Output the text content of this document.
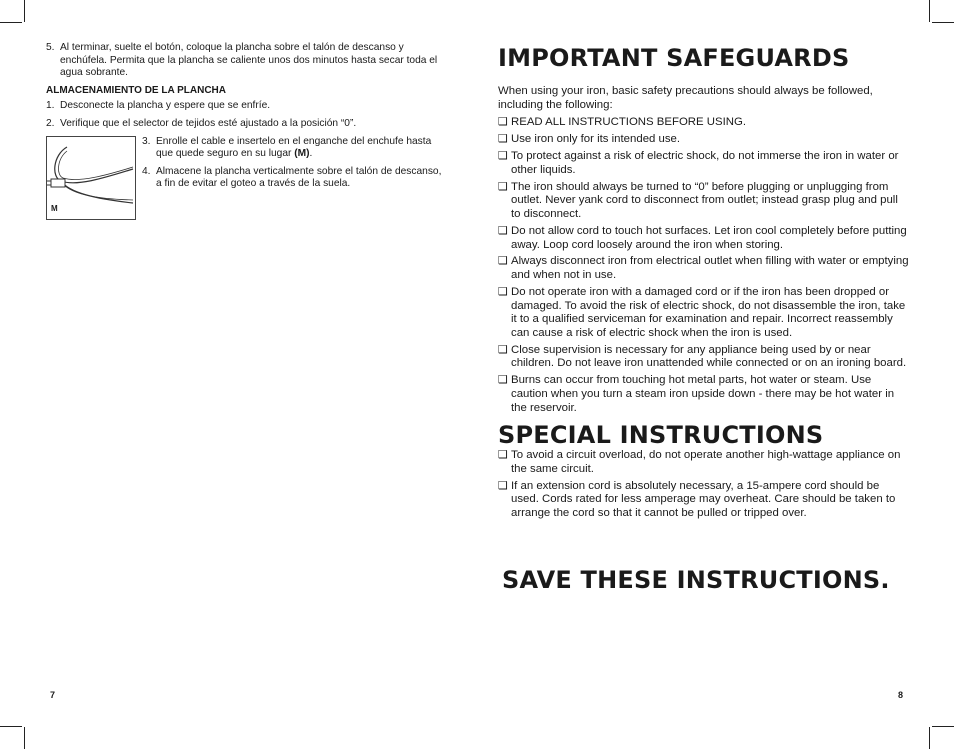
5. Al terminar, suelte el botón, coloque la plancha sobre el talón de descanso y enchúfela. Permita que la plancha se caliente unos dos minutos hasta secar toda el agua sobrante.
ALMACENAMIENTO DE LA PLANCHA
1. Desconecte la plancha y espere que se enfríe.
2. Verifique que el selector de tejidos esté ajustado a la posición “0”.
M
3. Enrolle el cable e insertelo en el enganche del enchufe hasta que quede seguro en su lugar (M).
4. Almacene la plancha verticalmente sobre el talón de descanso, a fin de evitar el goteo a través de la suela.
7
IMPORTANT SAFEGUARDS
When using your iron, basic safety precautions should always be followed, including the following:
❑ READ ALL INSTRUCTIONS BEFORE USING.
❑ Use iron only for its intended use.
❑ To protect against a risk of electric shock, do not immerse the iron in water or other liquids.
❑ The iron should always be turned to “0” before plugging or unplugging from outlet. Never yank cord to disconnect from outlet; instead grasp plug and pull to disconnect.
❑ Do not allow cord to touch hot surfaces. Let iron cool completely before putting away. Loop cord loosely around the iron when storing.
❑ Always disconnect iron from electrical outlet when filling with water or emptying and when not in use.
❑ Do not operate iron with a damaged cord or if the iron has been dropped or damaged. To avoid the risk of electric shock, do not disassemble the iron, take it to a qualified serviceman for examination and repair. Incorrect reassembly can cause a risk of electric shock when the iron is used.
❑ Close supervision is necessary for any appliance being used by or near children. Do not leave iron unattended while connected or on an ironing board.
❑ Burns can occur from touching hot metal parts, hot water or steam. Use caution when you turn a steam iron upside down - there may be hot water in the reservoir.
SPECIAL INSTRUCTIONS
❑ To avoid a circuit overload, do not operate another high-wattage appliance on the same circuit.
❑ If an extension cord is absolutely necessary, a 15-ampere cord should be used. Cords rated for less amperage may overheat. Care should be taken to arrange the cord so that it cannot be pulled or tripped over.
SAVE THESE INSTRUCTIONS.
8
